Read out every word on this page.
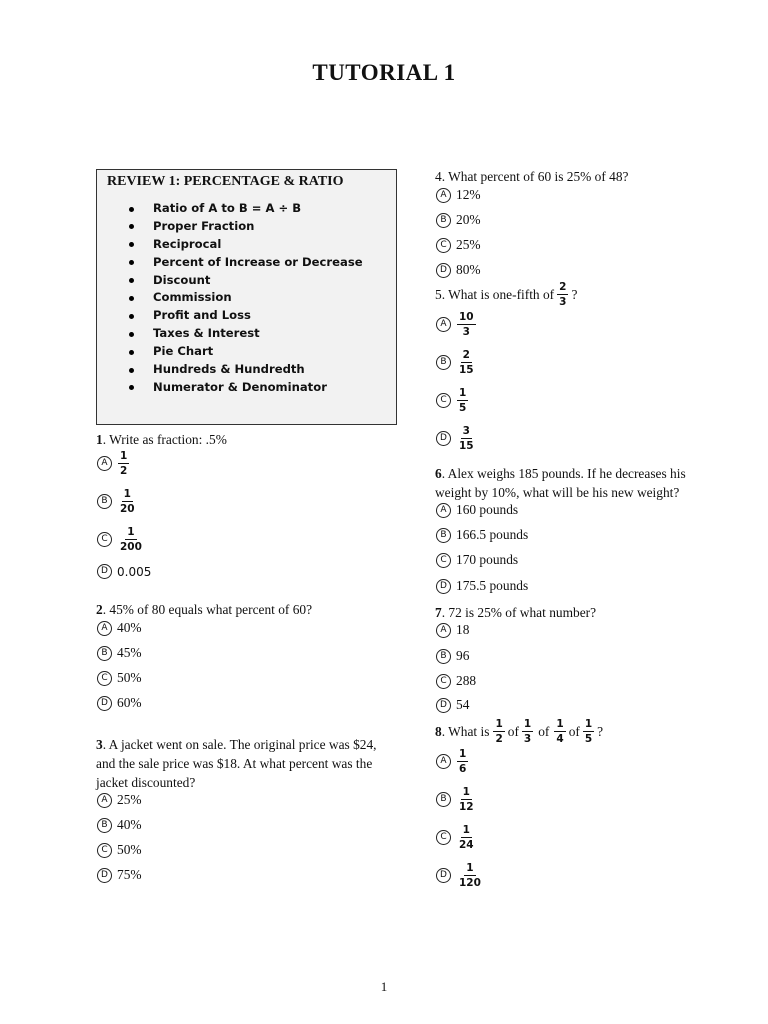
TUTORIAL 1
REVIEW 1: PERCENTAGE & RATIO
Ratio of A to B = A ÷ B
Proper Fraction
Reciprocal
Percent of Increase or Decrease
Discount
Commission
Profit and Loss
Taxes & Interest
Pie Chart
Hundreds & Hundredth
Numerator & Denominator
1. Write as fraction: .5%
A $\frac{1}{2}$
B $\frac{1}{20}$
C $\frac{1}{200}$
D 0.005
2. 45% of 80 equals what percent of 60?
A 40%
B 45%
C 50%
D 60%
3. A jacket went on sale. The original price was $24,
and the sale price was $18. At what percent was the
jacket discounted?
A 25%
B 40%
C 50%
D 75%
4. What percent of 60 is 25% of 48?
A 12%
B 20%
C 25%
D 80%
5. What is one-fifth of $\frac{2}{3}$ ?
A $\frac{10}{3}$
B $\frac{2}{15}$
C $\frac{1}{5}$
D $\frac{3}{15}$
6. Alex weighs 185 pounds. If he decreases his
weight by 10%, what will be his new weight?
A 160 pounds
B 166.5 pounds
C 170 pounds
D 175.5 pounds
7. 72 is 25% of what number?
A 18
B 96
C 288
D 54
8 . What is $\frac{1}{2}$ of $\frac{1}{3}$ of $\frac{1}{4}$ of $\frac{1}{5}$ ?
A $\frac{1}{6}$
B $\frac{1}{12}$
C $\frac{1}{24}$
D $\frac{1}{120}$
1
